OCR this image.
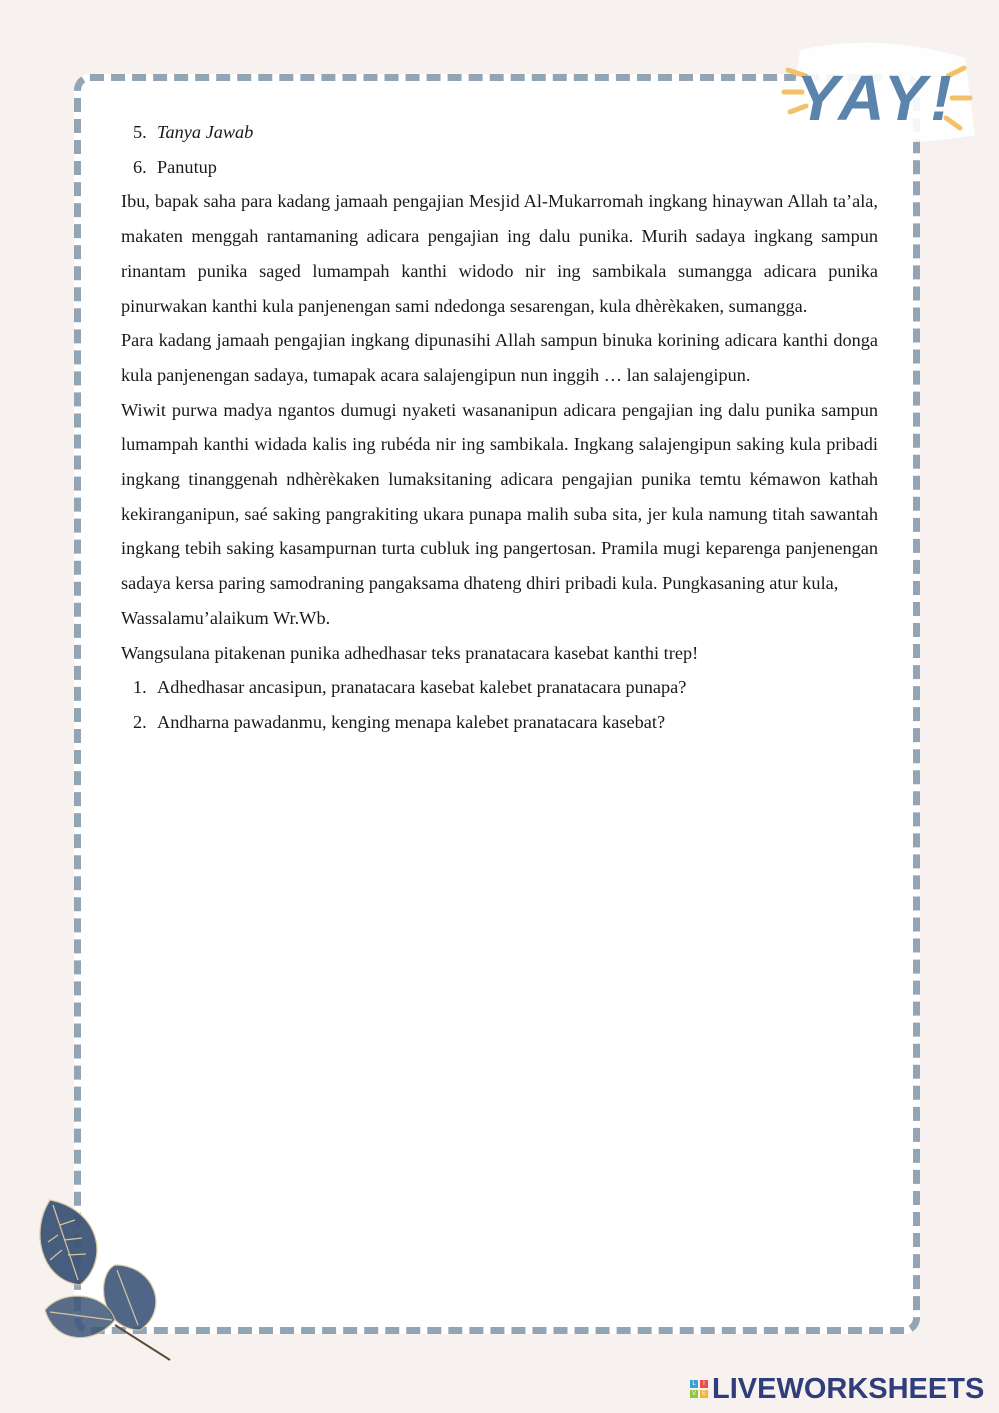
YAY!
5. Tanya Jawab
6. Panutup

Ibu, bapak saha para kadang jamaah pengajian Mesjid Al-Mukarromah ingkang hinaywan Allah ta’ala, makaten menggah rantamaning adicara pengajian ing dalu punika. Murih sadaya ingkang sampun rinantam punika saged lumampah kanthi widodo nir ing sambikala sumangga adicara punika pinurwakan kanthi kula panjenengan sami ndedonga sesarengan, kula dhèrèkaken, sumangga.

Para kadang jamaah pengajian ingkang dipunasihi Allah sampun binuka korining adicara kanthi donga kula panjenengan sadaya, tumapak acara salajengipun nun inggih … lan salajengipun.

Wiwit purwa madya ngantos dumugi nyaketi wasananipun adicara pengajian ing dalu punika sampun lumampah kanthi widada kalis ing rubéda nir ing sambikala. Ingkang salajengipun saking kula pribadi ingkang tinanggenah ndhèrèkaken lumaksitaning adicara pengajian punika temtu kémawon kathah kekiranganipun, saé saking pangrakiting ukara punapa malih suba sita, jer kula namung titah sawantah ingkang tebih saking kasampurnan turta cubluk ing pangertosan. Pramila mugi keparenga panjenengan sadaya kersa paring samodraning pangaksama dhateng dhiri pribadi kula. Pungkasaning atur kula,

Wassalamu’alaikum Wr.Wb.

Wangsulana pitakenan punika adhedhasar teks pranatacara kasebat kanthi trep!

1. Adhedhasar ancasipun, pranatacara kasebat kalebet pranatacara punapa?
2. Andharna pawadanmu, kenging menapa kalebet pranatacara kasebat?
L	I
V E LIVEWORKSHEETS
